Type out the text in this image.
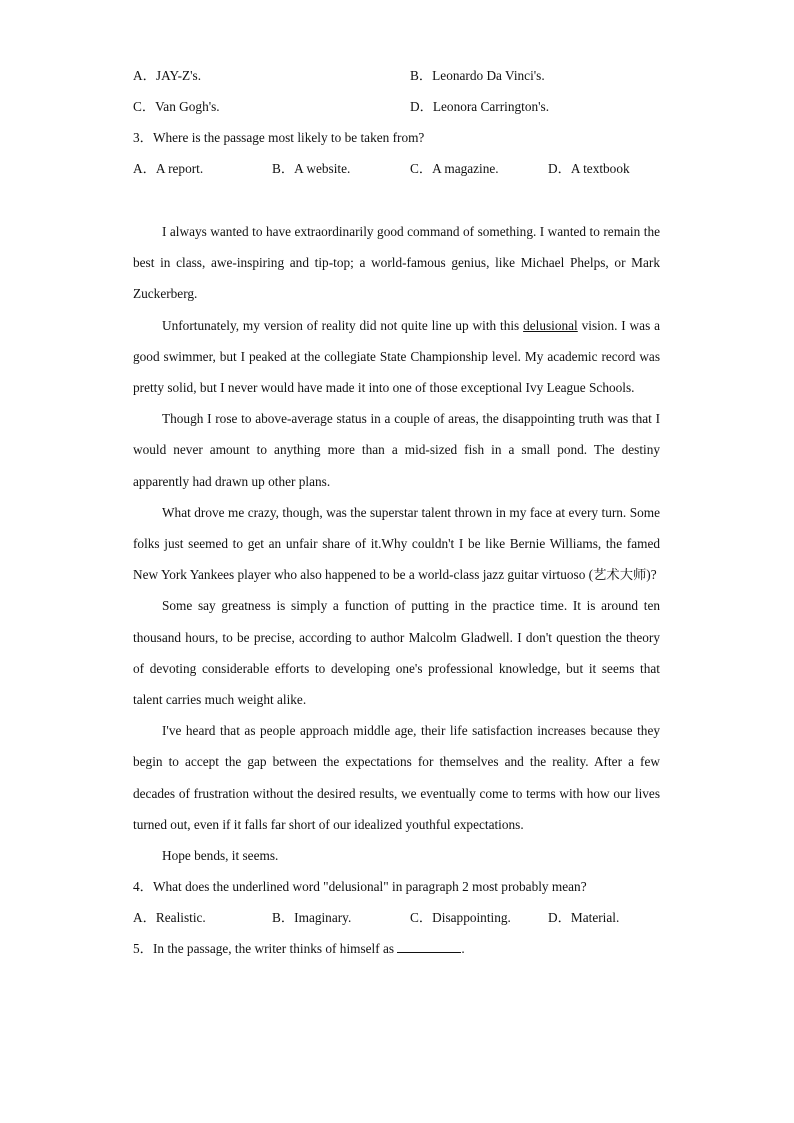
A．JAY-Z's.	B．Leonardo Da Vinci's.
C．Van Gogh's.	D．Leonora Carrington's.
3．Where is the passage most likely to be taken from?
A．A report.	B．A website.	C．A magazine.	D．A textbook

I always wanted to have extraordinarily good command of something. I wanted to remain the best in class, awe-inspiring and tip-top; a world-famous genius, like Michael Phelps, or Mark Zuckerberg.

Unfortunately, my version of reality did not quite line up with this delusional vision. I was a good swimmer, but I peaked at the collegiate State Championship level. My academic record was pretty solid, but I never would have made it into one of those exceptional Ivy League Schools.

Though I rose to above-average status in a couple of areas, the disappointing truth was that I would never amount to anything more than a mid-sized fish in a small pond. The destiny apparently had drawn up other plans.

What drove me crazy, though, was the superstar talent thrown in my face at every turn. Some folks just seemed to get an unfair share of it.Why couldn't I be like Bernie Williams, the famed New York Yankees player who also happened to be a world-class jazz guitar virtuoso (艺术大师)?

Some say greatness is simply a function of putting in the practice time. It is around ten thousand hours, to be precise, according to author Malcolm Gladwell. I don't question the theory of devoting considerable efforts to developing one's professional knowledge, but it seems that talent carries much weight alike.

I've heard that as people approach middle age, their life satisfaction increases because they begin to accept the gap between the expectations for themselves and the reality. After a few decades of frustration without the desired results, we eventually come to terms with how our lives turned out, even if it falls far short of our idealized youthful expectations.

Hope bends, it seems.

4．What does the underlined word "delusional" in paragraph 2 most probably mean?
A．Realistic.	B．Imaginary.	C．Disappointing.	D．Material.
5．In the passage, the writer thinks of himself as	.
